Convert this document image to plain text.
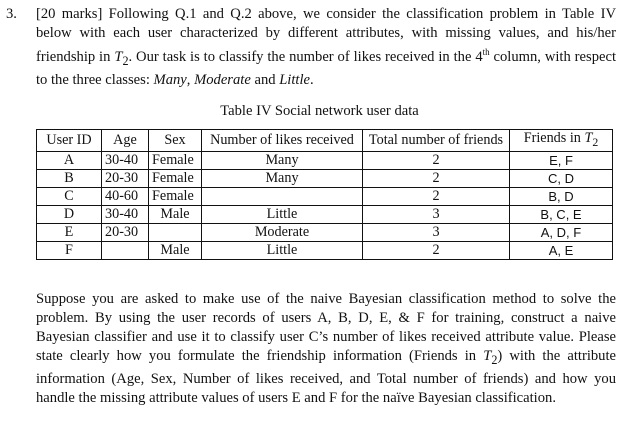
3. [20 marks] Following Q.1 and Q.2 above, we consider the classification problem in Table IV below with each user characterized by different attributes, with missing values, and his/her friendship in $T_2$. Our task is to classify the number of likes received in the 4th column, with respect to the three classes: Many, Moderate and Little.
Table IV Social network user data
User ID	Age	Sex	Number of likes received	Total number of friends	Friends in $T_2$
A	30-40	Female	Many	2	E, F
B	20-30	Female	Many	2	C, D
C	40-60	Female		2	B, D
D	30-40	Male	Little	3	B, C, E
E	20-30		Moderate	3	A, D, F
F		Male	Little	2	A, E
Suppose you are asked to make use of the naive Bayesian classification method to solve the problem. By using the user records of users A, B, D, E, & F for training, construct a naive Bayesian classifier and use it to classify user C’s number of likes received attribute value. Please state clearly how you formulate the friendship information (Friends in $T_2$) with the attribute information (Age, Sex, Number of likes received, and Total number of friends) and how you handle the missing attribute values of users E and F for the naïve Bayesian classification.
